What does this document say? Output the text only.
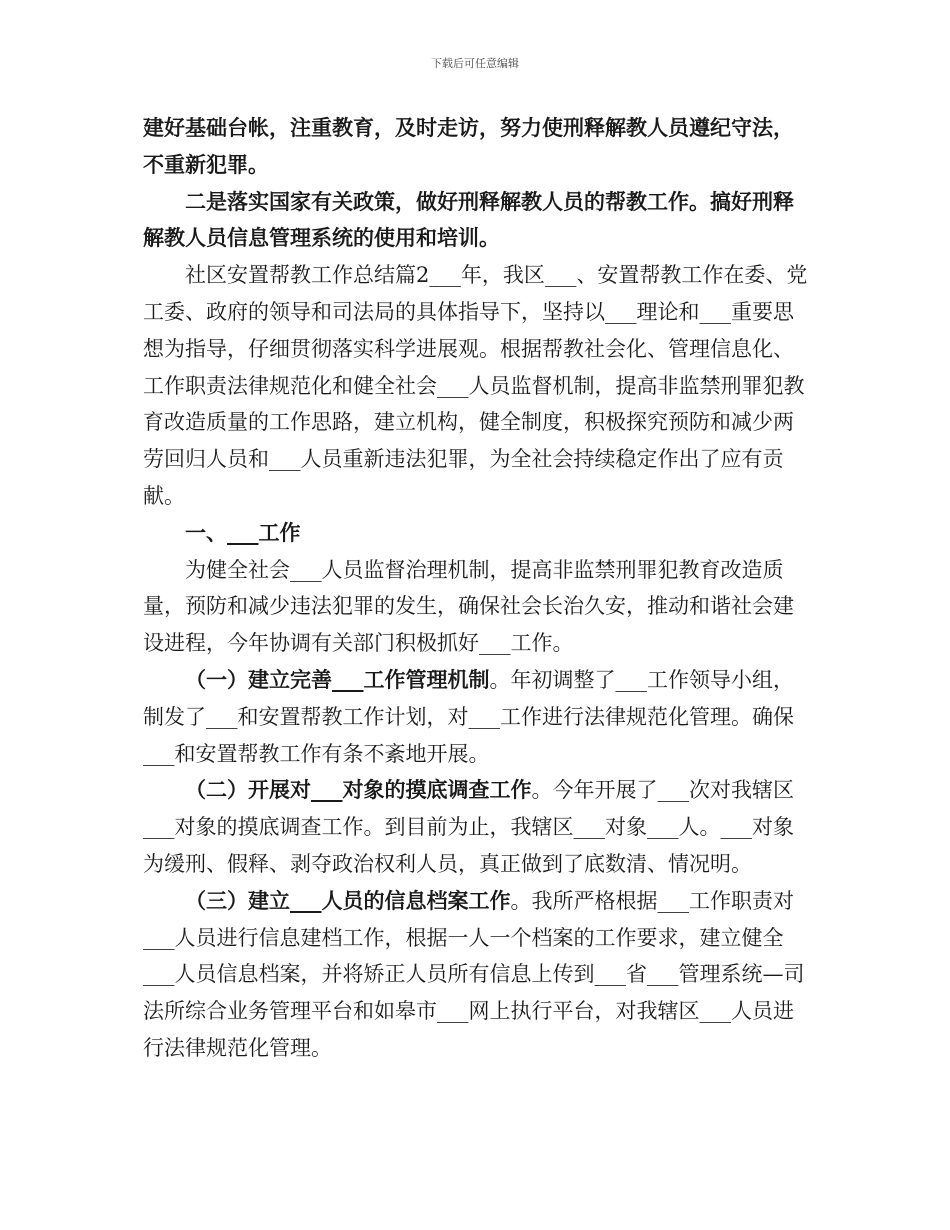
下载后可任意编辑

建好基础台帐，注重教育，及时走访，努力使刑释解教人员遵纪守法，不重新犯罪。

二是落实国家有关政策，做好刑释解教人员的帮教工作。搞好刑释解教人员信息管理系统的使用和培训。

社区安置帮教工作总结篇2___年，我区___、安置帮教工作在委、党工委、政府的领导和司法局的具体指导下，坚持以___理论和___重要思想为指导，仔细贯彻落实科学进展观。根据帮教社会化、管理信息化、工作职责法律规范化和健全社会___人员监督机制，提高非监禁刑罪犯教育改造质量的工作思路，建立机构，健全制度，积极探究预防和减少两劳回归人员和___人员重新违法犯罪，为全社会持续稳定作出了应有贡献。

一、___工作

为健全社会___人员监督治理机制，提高非监禁刑罪犯教育改造质量，预防和减少违法犯罪的发生，确保社会长治久安，推动和谐社会建设进程，今年协调有关部门积极抓好___工作。

（一）建立完善___工作管理机制。年初调整了___工作领导小组，制发了___和安置帮教工作计划，对___工作进行法律规范化管理。确保___和安置帮教工作有条不紊地开展。

（二）开展对___对象的摸底调查工作。今年开展了___次对我辖区___对象的摸底调查工作。到目前为止，我辖区___对象___人。___对象为缓刑、假释、剥夺政治权利人员，真正做到了底数清、情况明。

（三）建立___人员的信息档案工作。我所严格根据___工作职责对___人员进行信息建档工作，根据一人一个档案的工作要求，建立健全___人员信息档案，并将矫正人员所有信息上传到___省___管理系统—司法所综合业务管理平台和如皋市___网上执行平台，对我辖区___人员进行法律规范化管理。
